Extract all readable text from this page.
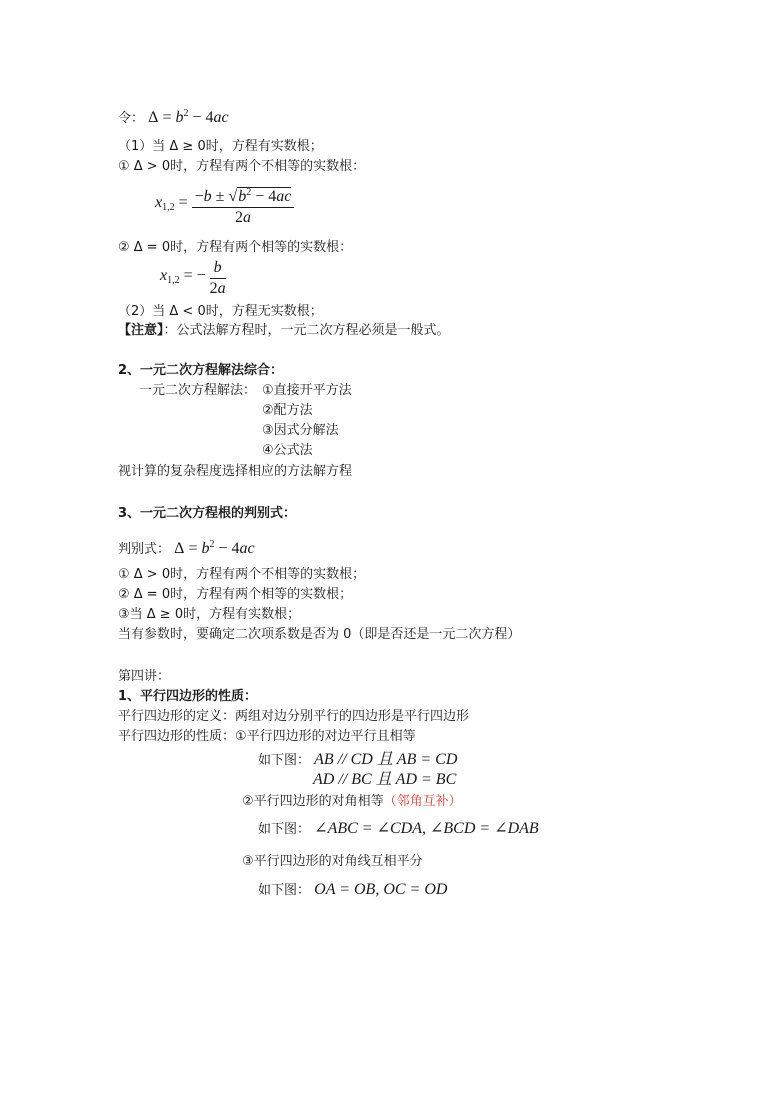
令： $\Delta = b^2 - 4ac$
（1）当 Δ ≥ 0时，方程有实数根；
① Δ > 0时，方程有两个不相等的实数根：
$x_{1,2} = \frac{-b \pm √b^2 - 4ac}{2a}$
② Δ = 0时，方程有两个相等的实数根：
$x_{1,2}$ = − $\frac{b}{2a}$
（2）当 Δ < 0时，方程无实数根；
【注意】：公式法解方程时，一元二次方程必须是一般式。
2、一元二次方程解法综合：
一元二次方程解法： ①直接开平方法
②配方法
③因式分解法
④公式法
视计算的复杂程度选择相应的方法解方程
3、一元二次方程根的判别式：
判别式： $\Delta = b^2 - 4ac$
① Δ > 0时，方程有两个不相等的实数根；
② Δ = 0时，方程有两个相等的实数根；
③当 Δ ≥ 0时，方程有实数根；
当有参数时，要确定二次项系数是否为 0（即是否还是一元二次方程）
第四讲：
1、平行四边形的性质：
平行四边形的定义：两组对边分别平行的四边形是平行四边形
平行四边形的性质：①平行四边形的对边平行且相等
如下图： AB // CD 且 AB = CD
AD // BC 且 AD = BC
②平行四边形的对角相等（邻角互补）
如下图： ∠ABC = ∠CDA, ∠BCD = ∠DAB
③平行四边形的对角线互相平分
如下图： OA = OB, OC = OD
